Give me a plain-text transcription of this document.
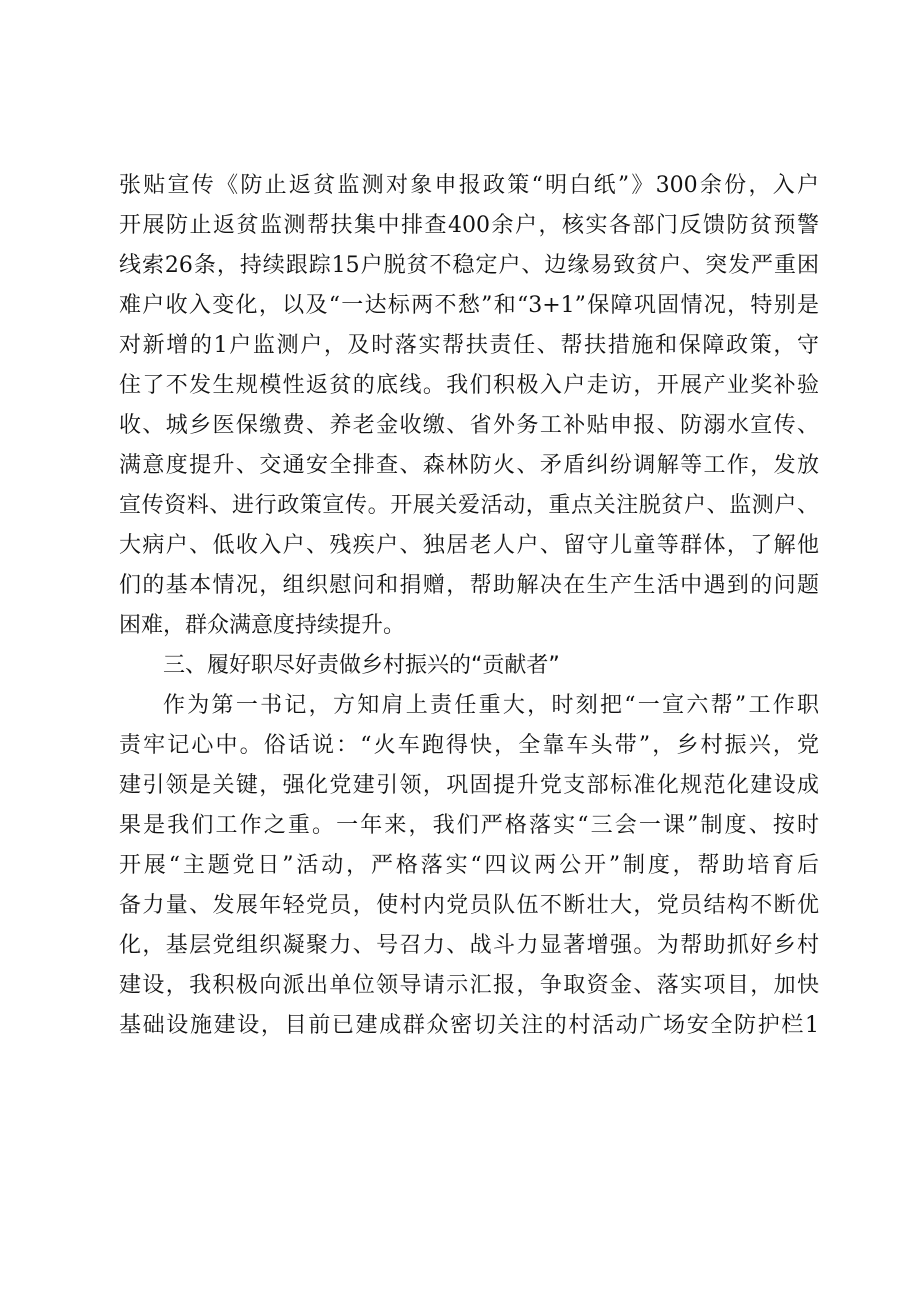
张贴宣传《防止返贫监测对象申报政策“明白纸”》300余份，入户
开展防止返贫监测帮扶集中排查400余户，核实各部门反馈防贫预警
线索26条，持续跟踪15户脱贫不稳定户、边缘易致贫户、突发严重困
难户收入变化，以及“一达标两不愁”和“3+1”保障巩固情况，特别是
对新增的1户监测户，及时落实帮扶责任、帮扶措施和保障政策，守
住了不发生规模性返贫的底线。我们积极入户走访，开展产业奖补验
收、城乡医保缴费、养老金收缴、省外务工补贴申报、防溺水宣传、
满意度提升、交通安全排查、森林防火、矛盾纠纷调解等工作，发放
宣传资料、进行政策宣传。开展关爱活动，重点关注脱贫户、监测户、
大病户、低收入户、残疾户、独居老人户、留守儿童等群体，了解他
们的基本情况，组织慰问和捐赠，帮助解决在生产生活中遇到的问题
困难，群众满意度持续提升。
三、履好职尽好责做乡村振兴的“贡献者”
作为第一书记，方知肩上责任重大，时刻把“一宣六帮”工作职
责牢记心中。俗话说：“火车跑得快，全靠车头带”，乡村振兴，党
建引领是关键，强化党建引领，巩固提升党支部标准化规范化建设成
果是我们工作之重。一年来，我们严格落实“三会一课”制度、按时
开展“主题党日”活动，严格落实“四议两公开”制度，帮助培育后
备力量、发展年轻党员，使村内党员队伍不断壮大，党员结构不断优
化，基层党组织凝聚力、号召力、战斗力显著增强。为帮助抓好乡村
建设，我积极向派出单位领导请示汇报，争取资金、落实项目，加快
基础设施建设，目前已建成群众密切关注的村活动广场安全防护栏1
